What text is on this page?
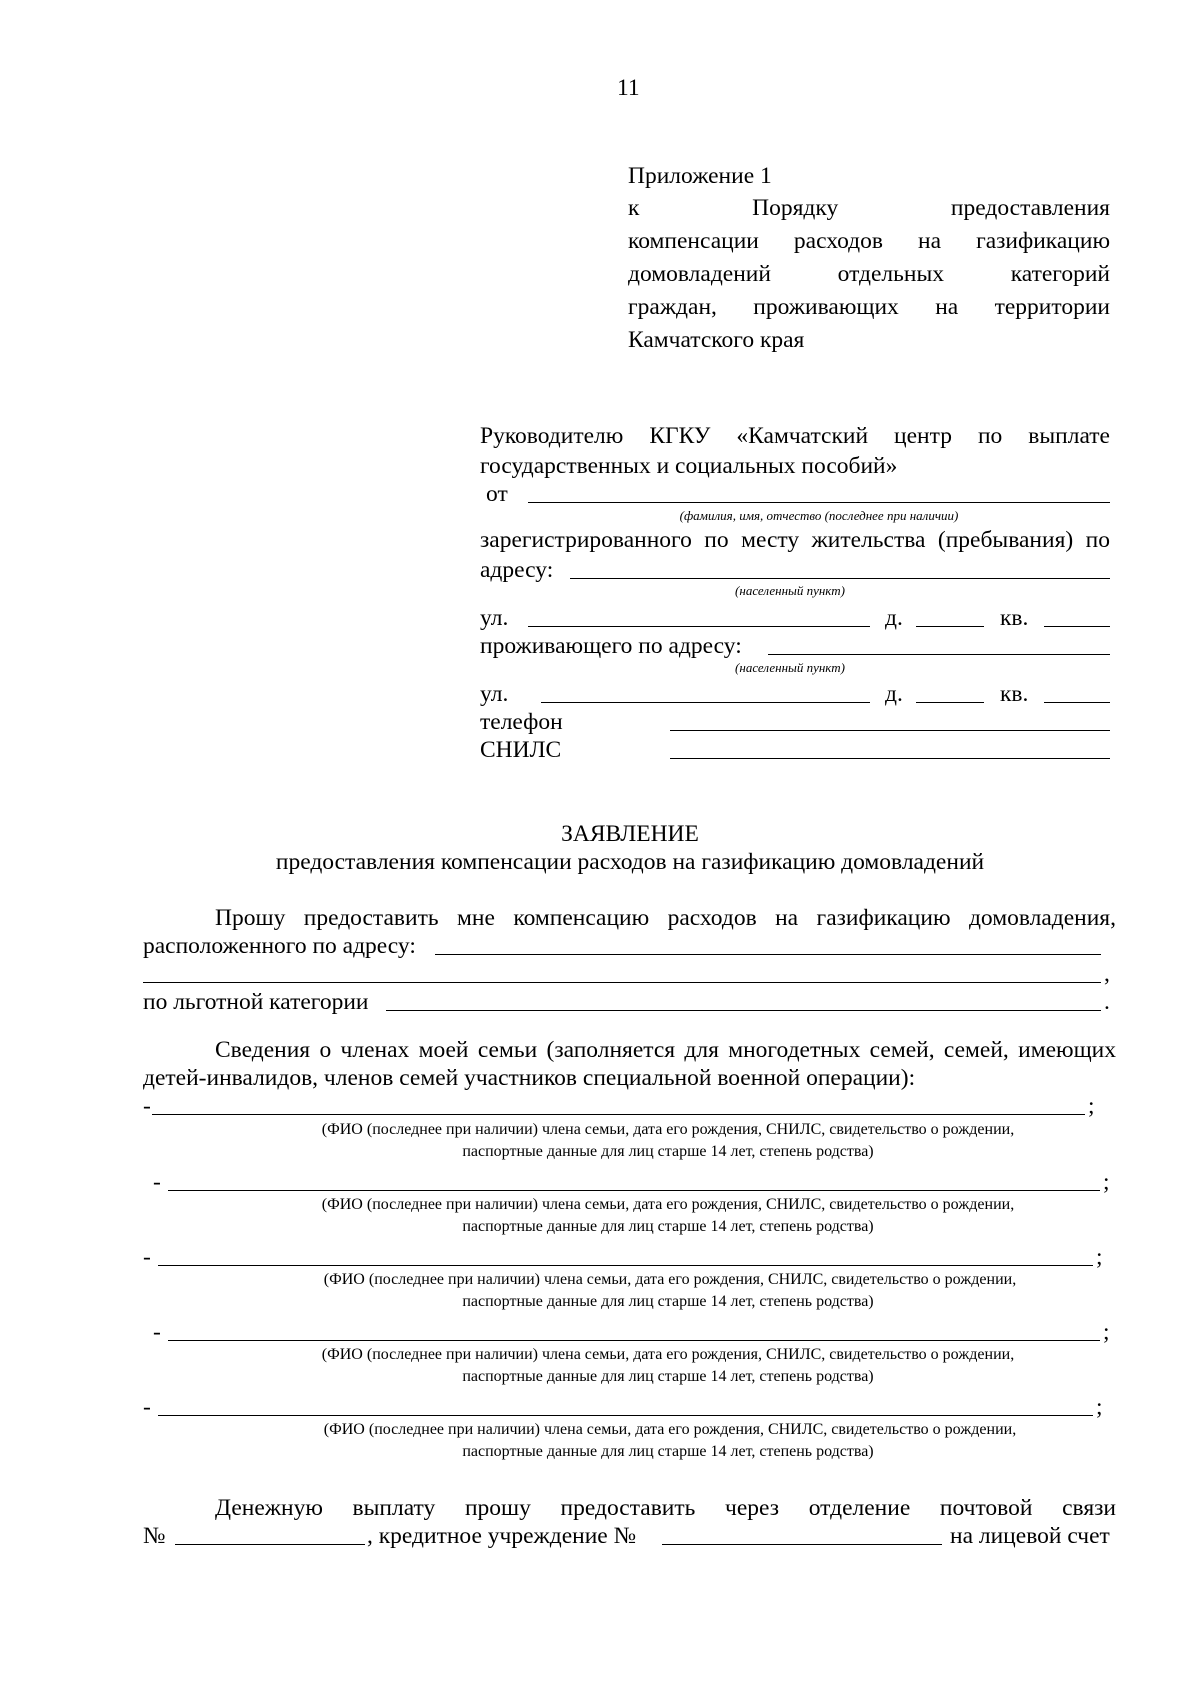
11
Приложение 1
к Порядку предоставления
компенсации расходов на газификацию
домовладений отдельных категорий
граждан, проживающих на территории
Камчатского края
Руководителю КГКУ «Камчатский центр по выплате
государственных и социальных пособий»
от
(фамилия, имя, отчество (последнее при наличии)
зарегистрированного по месту жительства (пребывания) по
адресу:
(населенный пункт)
ул.	д.	кв.
проживающего по адресу:
(населенный пункт)
ул.	д.	кв.
телефон
СНИЛС
ЗАЯВЛЕНИЕ
предоставления компенсации расходов на газификацию домовладений
Прошу предоставить мне компенсацию расходов на газификацию домовладения,
расположенного по адресу:
,
по льготной категории	.
Сведения о членах моей семьи (заполняется для многодетных семей, семей, имеющих
детей-инвалидов, членов семей участников специальной военной операции):
-	;
(ФИО (последнее при наличии) члена семьи, дата его рождения, СНИЛС, свидетельство о рождении,
паспортные данные для лиц старше 14 лет, степень родства)
-	;
(ФИО (последнее при наличии) члена семьи, дата его рождения, СНИЛС, свидетельство о рождении,
паспортные данные для лиц старше 14 лет, степень родства)
-	;
(ФИО (последнее при наличии) члена семьи, дата его рождения, СНИЛС, свидетельство о рождении,
паспортные данные для лиц старше 14 лет, степень родства)
-	;
(ФИО (последнее при наличии) члена семьи, дата его рождения, СНИЛС, свидетельство о рождении,
паспортные данные для лиц старше 14 лет, степень родства)
-	;
(ФИО (последнее при наличии) члена семьи, дата его рождения, СНИЛС, свидетельство о рождении,
паспортные данные для лиц старше 14 лет, степень родства)
Денежную выплату прошу предоставить через отделение почтовой связи
№	, кредитное учреждение №	на лицевой счет
